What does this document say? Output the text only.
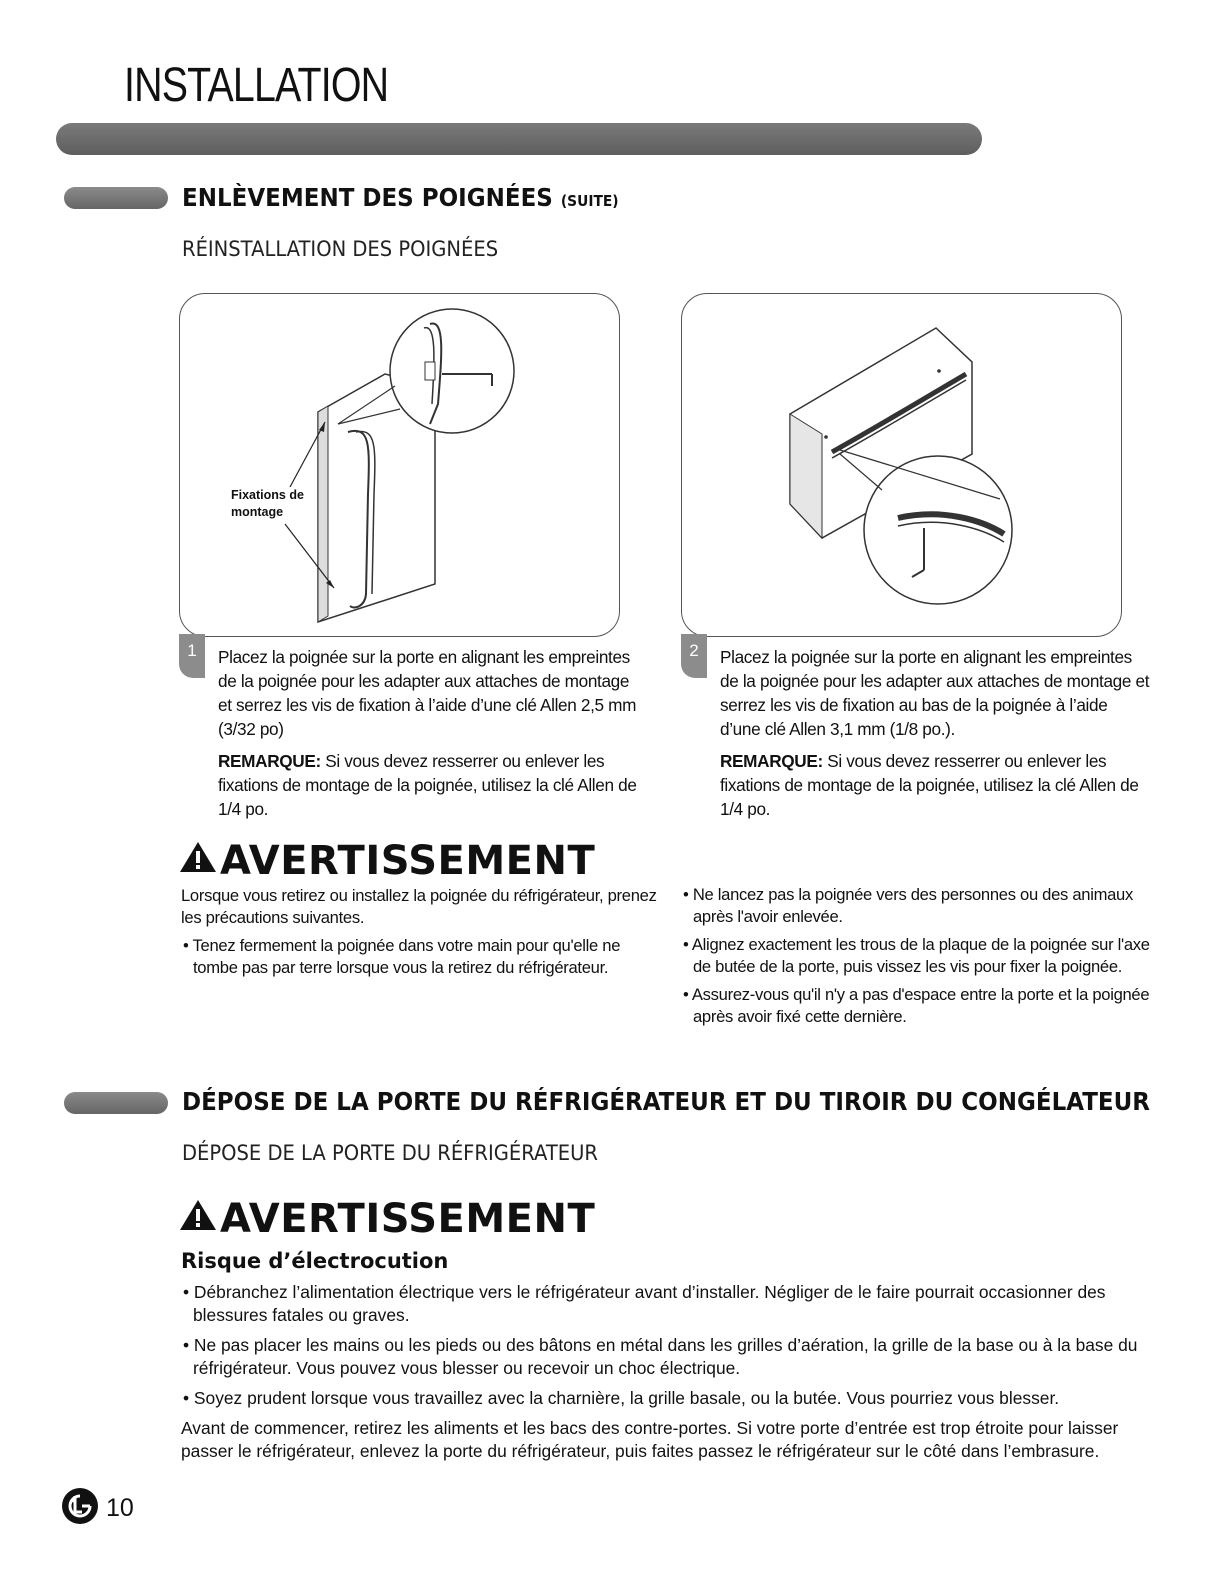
INSTALLATION
ENLÈVEMENT DES POIGNÉES (SUITE)
RÉINSTALLATION DES POIGNÉES
Fixations de
montage
1	Placez la poignée sur la porte en alignant les empreintes de la poignée pour les adapter aux attaches de montage et serrez les vis de fixation à l’aide d’une clé Allen 2,5 mm (3/32 po)

REMARQUE: Si vous devez resserrer ou enlever les fixations de montage de la poignée, utilisez la clé Allen de 1/4 po.

2	Placez la poignée sur la porte en alignant les empreintes de la poignée pour les adapter aux attaches de montage et serrez les vis de fixation au bas de la poignée à l’aide d’une clé Allen 3,1 mm (1/8 po.).

REMARQUE: Si vous devez resserrer ou enlever les fixations de montage de la poignée, utilisez la clé Allen de 1/4 po.

AVERTISSEMENT

Lorsque vous retirez ou installez la poignée du réfrigérateur, prenez les précautions suivantes.

• Tenez fermement la poignée dans votre main pour qu'elle ne tombe pas par terre lorsque vous la retirez du réfrigérateur.

• Ne lancez pas la poignée vers des personnes ou des animaux après l'avoir enlevée.

• Alignez exactement les trous de la plaque de la poignée sur l'axe de butée de la porte, puis vissez les vis pour fixer la poignée.

• Assurez-vous qu'il n'y a pas d'espace entre la porte et la poignée après avoir fixé cette dernière.

DÉPOSE DE LA PORTE DU RÉFRIGÉRATEUR ET DU TIROIR DU CONGÉLATEUR
DÉPOSE DE LA PORTE DU RÉFRIGÉRATEUR
AVERTISSEMENT
Risque d’électrocution

• Débranchez l’alimentation électrique vers le réfrigérateur avant d’installer. Négliger de le faire pourrait occasionner des blessures fatales ou graves.

• Ne pas placer les mains ou les pieds ou des bâtons en métal dans les grilles d’aération, la grille de la base ou à la base du réfrigérateur. Vous pouvez vous blesser ou recevoir un choc électrique.

• Soyez prudent lorsque vous travaillez avec la charnière, la grille basale, ou la butée. Vous pourriez vous blesser.

Avant de commencer, retirez les aliments et les bacs des contre-portes. Si votre porte d’entrée est trop étroite pour laisser passer le réfrigérateur, enlevez la porte du réfrigérateur, puis faites passez le réfrigérateur sur le côté dans l’embrasure.

10
